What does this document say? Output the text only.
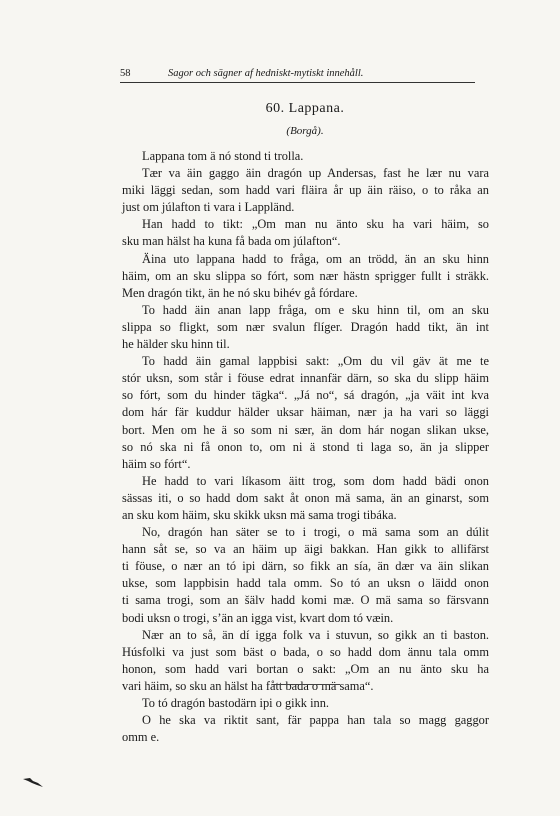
58	Sagor och sägner af hedniskt-mytiskt innehåll.
60. Lappana.
(Borgå).
Lappana tom ä nó stond ti trolla.
Tær va äin gaggo äin dragón up Andersas, fast he lær nu vara
miki läggi sedan, som hadd vari fläira år up äin räiso, o to råka an
just om júlafton ti vara i Lappländ.
Han hadd to tikt: „Om man nu änto sku ha vari häim, so
sku man hälst ha kuna få bada om júlafton“.
Äina uto lappana hadd to fråga, om an trödd, än an sku hinn
häim, om an sku slippa so fórt, som nær hästn sprigger fullt i sträkk.
Men dragón tikt, än he nó sku bihév gå fórdare.
To hadd äin anan lapp fråga, om e sku hinn til, om an sku
slippa so fligkt, som nær svalun flíger. Dragón hadd tikt, än int
he hälder sku hinn til.
To hadd äin gamal lappbisi sakt: „Om du vil gäv ät me te
stór uksn, som står i föuse edrat innanfär därn, so ska du slipp häim
so fórt, som du hinder tägka“. „Já no“, sá dragón, „ja väit int kva
dom hár fär kuddur hälder uksar häiman, nær ja ha vari so läggi
bort. Men om he ä so som ni sær, än dom hár nogan slikan ukse,
so nó ska ni få onon to, om ni ä stond ti laga so, än ja slipper
häim so fórt“.
He hadd to vari líkasom äitt trog, som dom hadd bädi onon
sässas iti, o so hadd dom sakt åt onon mä sama, än an ginarst, som
an sku kom häim, sku skikk uksn mä sama trogi tibáka.
No, dragón han säter se to i trogi, o mä sama som an dúlit
hann såt se, so va an häim up äigi bakkan. Han gikk to allifärst
ti föuse, o nær an tó ipi därn, so fikk an sía, än dær va äin slikan
ukse, som lappbisin hadd tala omm. So tó an uksn o läidd onon
ti sama trogi, som an šälv hadd komi mæ. O mä sama so färsvann
bodi uksn o trogi, s’än an igga vist, kvart dom tó væin.
Nær an to så, än dí igga folk va i stuvun, so gikk an ti baston.
Húsfolki va just som bäst o bada, o so hadd dom ännu tala omm
honon, som hadd vari bortan o sakt: „Om an nu änto sku ha
vari häim, so sku an hälst ha fått bada o mä sama“.
To tó dragón bastodärn ipi o gikk inn.
O he ska va riktit sant, fär pappa han tala so magg gaggor
omm e.
